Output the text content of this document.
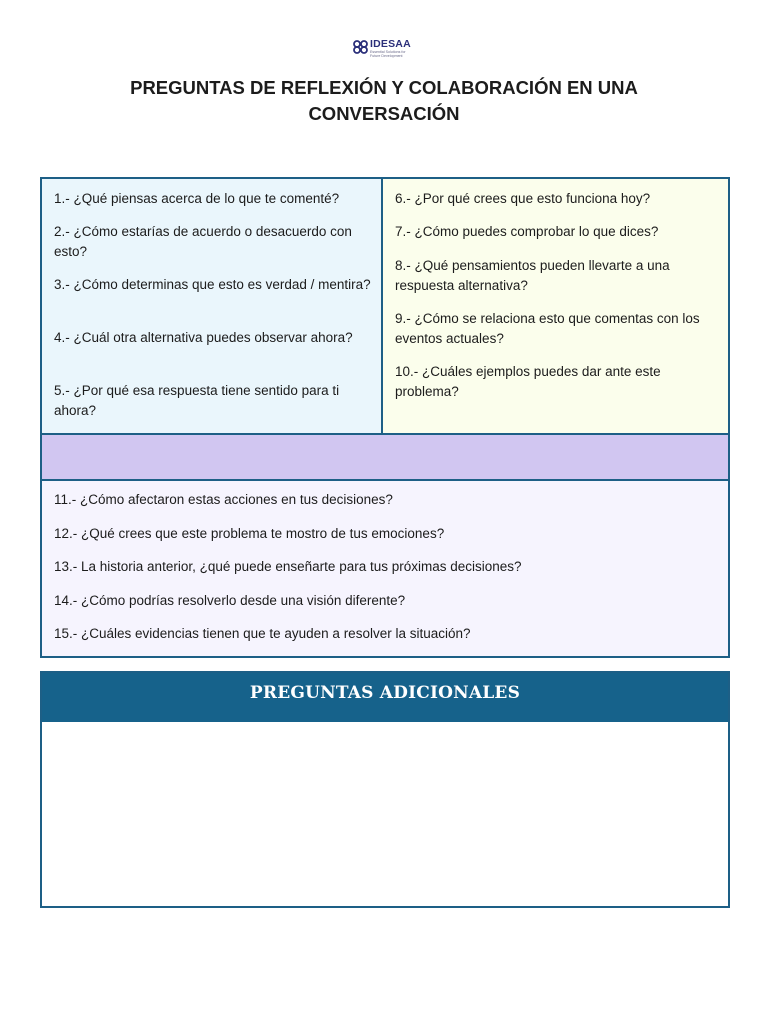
IDESAA
Essential Solutions for Future Development
PREGUNTAS DE REFLEXIÓN Y COLABORACIÓN EN UNA
CONVERSACIÓN

1.- ¿Qué piensas acerca de lo que te comenté?

2.- ¿Cómo estarías de acuerdo o desacuerdo con esto?

3.- ¿Cómo determinas que esto es verdad / mentira?

4.- ¿Cuál otra alternativa puedes observar ahora?

5.- ¿Por qué esa respuesta tiene sentido para ti ahora?

6.- ¿Por qué crees que esto funciona hoy?

7.- ¿Cómo puedes comprobar lo que dices?

8.- ¿Qué pensamientos pueden llevarte a una respuesta alternativa?

9.- ¿Cómo se relaciona esto que comentas con los eventos actuales?

10.- ¿Cuáles ejemplos puedes dar ante este problema?

11.- ¿Cómo afectaron estas acciones en tus decisiones?

12.- ¿Qué crees que este problema te mostro de tus emociones?

13.- La historia anterior, ¿qué puede enseñarte para tus próximas decisiones?

14.- ¿Cómo podrías resolverlo desde una visión diferente?

15.- ¿Cuáles evidencias tienen que te ayuden a resolver la situación?

PREGUNTAS ADICIONALES
